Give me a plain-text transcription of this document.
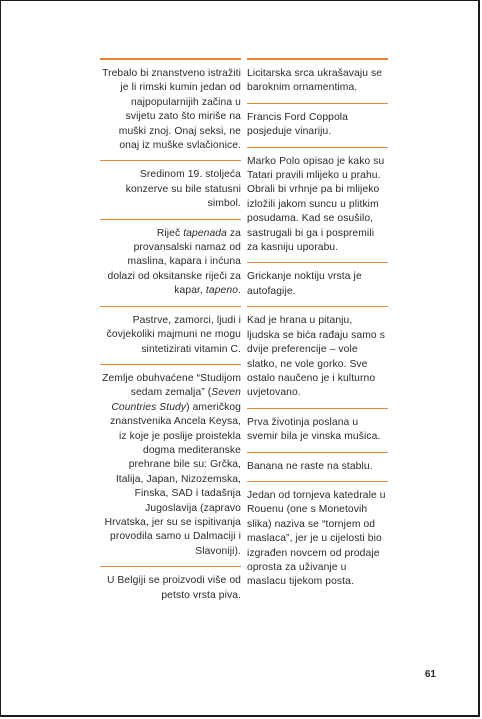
Trebalo bi znanstveno istražiti je li rimski kumin jedan od najpopularnijih začina u svijetu zato što miriše na muški znoj. Onaj seksi, ne onaj iz muške svlačionice.
Sredinom 19. stoljeća konzerve su bile statusni simbol.
Riječ tapenada za provansalski namaz od maslina, kapara i inćuna dolazi od oksitanske riječi za kapar, tapeno.
Pastrve, zamorci, ljudi i čovjekoliki majmuni ne mogu sintetizirati vitamin C.
Zemlje obuhvaćene “Studijom sedam zemalja” (Seven Countries Study) američkog znanstvenika Ancela Keysa, iz koje je poslije proistekla dogma mediteranske prehrane bile su: Grčka, Italija, Japan, Nizozemska, Finska, SAD i tadašnja Jugoslavija (zapravo Hrvatska, jer su se ispitivanja provodila samo u Dalmaciji i Slavoniji).
U Belgiji se proizvodi više od petsto vrsta piva.
Licitarska srca ukrašavaju se baroknim ornamentima.
Francis Ford Coppola posjeduje vinariju.
Marko Polo opisao je kako su Tatari pravili mlijeko u prahu. Obrali bi vrhnje pa bi mlijeko izložili jakom suncu u plitkim posudama. Kad se osušilo, sastrugali bi ga i pospremili za kasniju uporabu.
Grickanje noktiju vrsta je autofagije.
Kad je hrana u pitanju, ljudska se bića rađaju samo s dvije preferencije – vole slatko, ne vole gorko. Sve ostalo naučeno je i kulturno uvjetovano.
Prva životinja poslana u svemir bila je vinska mušica.
Banana ne raste na stablu.
Jedan od tornjeva katedrale u Rouenu (one s Monetovih slika) naziva se “tornjem od maslaca”, jer je u cijelosti bio izgrađen novcem od prodaje oprosta za uživanje u maslacu tijekom posta.
61
